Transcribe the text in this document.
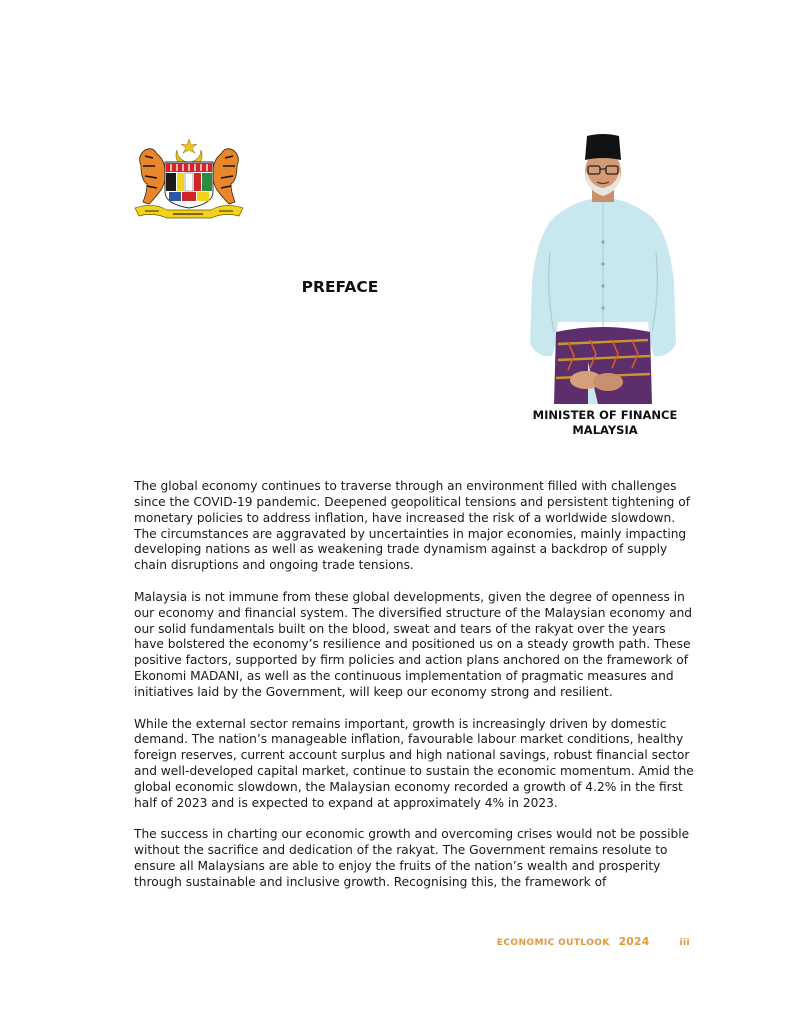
PREFACE
MINISTER OF FINANCE
MALAYSIA

The global economy continues to traverse through an environment filled with challenges since the COVID-19 pandemic. Deepened geopolitical tensions and persistent tightening of monetary policies to address inflation, have increased the risk of a worldwide slowdown. The circumstances are aggravated by uncertainties in major economies, mainly impacting developing nations as well as weakening trade dynamism against a backdrop of supply chain disruptions and ongoing trade tensions.

Malaysia is not immune from these global developments, given the degree of openness in our economy and financial system. The diversified structure of the Malaysian economy and our solid fundamentals built on the blood, sweat and tears of the rakyat over the years have bolstered the economy’s resilience and positioned us on a steady growth path. These positive factors, supported by firm policies and action plans anchored on the framework of Ekonomi MADANI, as well as the continuous implementation of pragmatic measures and initiatives laid by the Government, will keep our economy strong and resilient.

While the external sector remains important, growth is increasingly driven by domestic demand. The nation’s manageable inflation, favourable labour market conditions, healthy foreign reserves, current account surplus and high national savings, robust financial sector and well-developed capital market, continue to sustain the economic momentum. Amid the global economic slowdown, the Malaysian economy recorded a growth of 4.2% in the first half of 2023 and is expected to expand at approximately 4% in 2023.

The success in charting our economic growth and overcoming crises would not be possible without the sacrifice and dedication of the rakyat. The Government remains resolute to ensure all Malaysians are able to enjoy the fruits of the nation’s wealth and prosperity through sustainable and inclusive growth. Recognising this, the framework of

ECONOMIC OUTLOOK 2024	iii
